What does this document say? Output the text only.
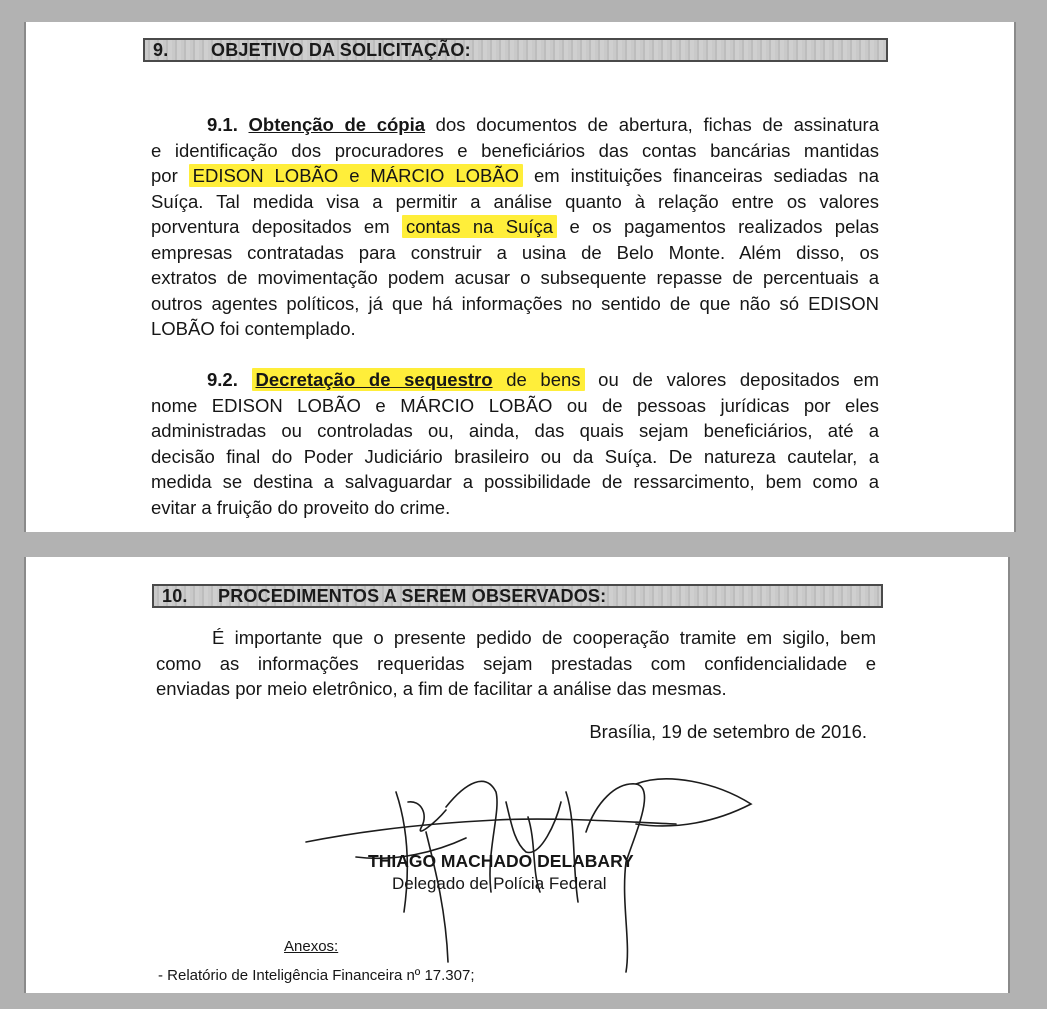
9. OBJETIVO DA SOLICITAÇÃO:
9.1. Obtenção de cópia dos documentos de abertura, fichas de assinatura
e identificação dos procuradores e beneficiários das contas bancárias mantidas
por EDISON LOBÃO e MÁRCIO LOBÃO em instituições financeiras sediadas na
Suíça. Tal medida visa a permitir a análise quanto à relação entre os valores
porventura depositados em contas na Suíça e os pagamentos realizados pelas
empresas contratadas para construir a usina de Belo Monte. Além disso, os
extratos de movimentação podem acusar o subsequente repasse de percentuais a
outros agentes políticos, já que há informações no sentido de que não só EDISON
LOBÃO foi contemplado.
9.2. Decretação de sequestro de bens ou de valores depositados em
nome EDISON LOBÃO e MÁRCIO LOBÃO ou de pessoas jurídicas por eles
administradas ou controladas ou, ainda, das quais sejam beneficiários, até a
decisão final do Poder Judiciário brasileiro ou da Suíça. De natureza cautelar, a
medida se destina a salvaguardar a possibilidade de ressarcimento, bem como a
evitar a fruição do proveito do crime.
10. PROCEDIMENTOS A SEREM OBSERVADOS:
É importante que o presente pedido de cooperação tramite em sigilo, bem
como as informações requeridas sejam prestadas com confidencialidade e
enviadas por meio eletrônico, a fim de facilitar a análise das mesmas.
Brasília, 19 de setembro de 2016.
THIAGO MACHADO DELABARY
Delegado de Polícia Federal
Anexos:
- Relatório de Inteligência Financeira nº 17.307;
